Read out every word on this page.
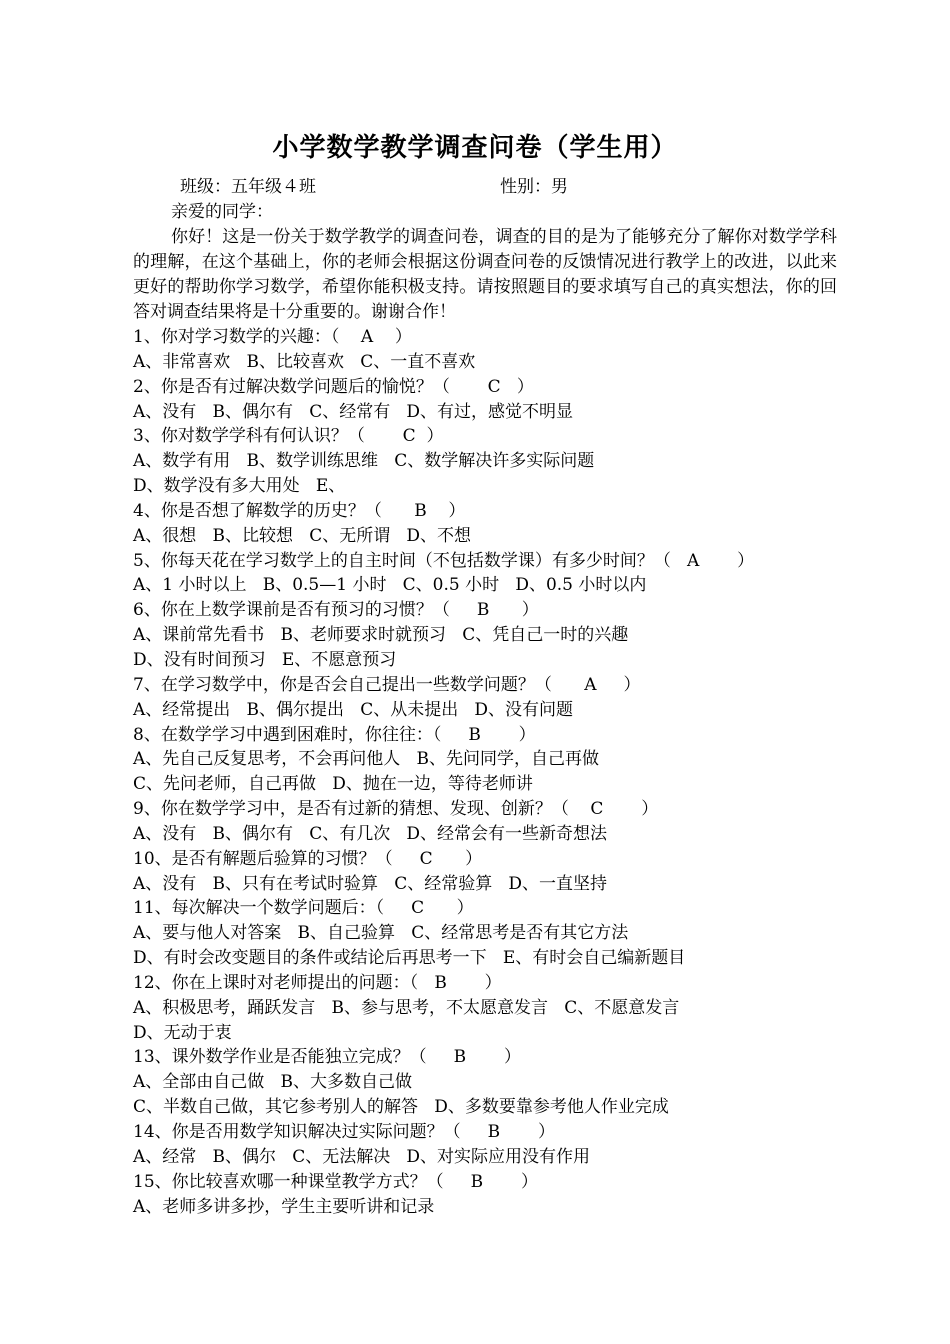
小学数学教学调查问卷（学生用）
班级：五年级４班	性别：男
亲爱的同学：

你好！这是一份关于数学教学的调查问卷，调查的目的是为了能够充分了解你对数学学科的理解，在这个基础上，你的老师会根据这份调查问卷的反馈情况进行教学上的改进，以此来更好的帮助你学习数学，希望你能积极支持。请按照题目的要求填写自己的真实想法，你的回答对调查结果将是十分重要的。谢谢合作！

1、你对学习数学的兴趣：（    A    ）
A、非常喜欢   B、比较喜欢   C、一直不喜欢
2、你是否有过解决数学问题后的愉悦？（       C   ）
A、没有   B、偶尔有   C、经常有   D、有过，感觉不明显
3、你对数学学科有何认识？（       C  ）
A、数学有用   B、数学训练思维   C、数学解决许多实际问题
D、数学没有多大用处   E、
4、你是否想了解数学的历史？（      B    ）
A、很想   B、比较想   C、无所谓   D、不想
5、你每天花在学习数学上的自主时间（不包括数学课）有多少时间？（   A       ）
A、1 小时以上   B、0.5—1 小时   C、0.5 小时   D、0.5 小时以内
6、你在上数学课前是否有预习的习惯？（     B      ）
A、课前常先看书   B、老师要求时就预习   C、凭自己一时的兴趣
D、没有时间预习   E、不愿意预习
7、在学习数学中，你是否会自己提出一些数学问题？（      A     ）
A、经常提出   B、偶尔提出   C、从未提出   D、没有问题
8、在数学学习中遇到困难时，你往往：（     B       ）
A、先自己反复思考，不会再问他人   B、先问同学，自己再做
C、先问老师，自己再做   D、抛在一边，等待老师讲
9、你在数学学习中，是否有过新的猜想、发现、创新？（    C       ）
A、没有   B、偶尔有   C、有几次   D、经常会有一些新奇想法
10、是否有解题后验算的习惯？（     C      ）
A、没有   B、只有在考试时验算   C、经常验算   D、一直坚持
11、每次解决一个数学问题后：（     C      ）
A、要与他人对答案   B、自己验算   C、经常思考是否有其它方法
D、有时会改变题目的条件或结论后再思考一下   E、有时会自己编新题目
12、你在上课时对老师提出的问题：（   B       ）
A、积极思考，踊跃发言   B、参与思考，不太愿意发言   C、不愿意发言
D、无动于衷
13、课外数学作业是否能独立完成？（     B       ）
A、全部由自己做   B、大多数自己做
C、半数自己做，其它参考别人的解答   D、多数要靠参考他人作业完成
14、你是否用数学知识解决过实际问题？（     B       ）
A、经常   B、偶尔   C、无法解决   D、对实际应用没有作用
15、你比较喜欢哪一种课堂教学方式？（     B       ）
A、老师多讲多抄，学生主要听讲和记录
